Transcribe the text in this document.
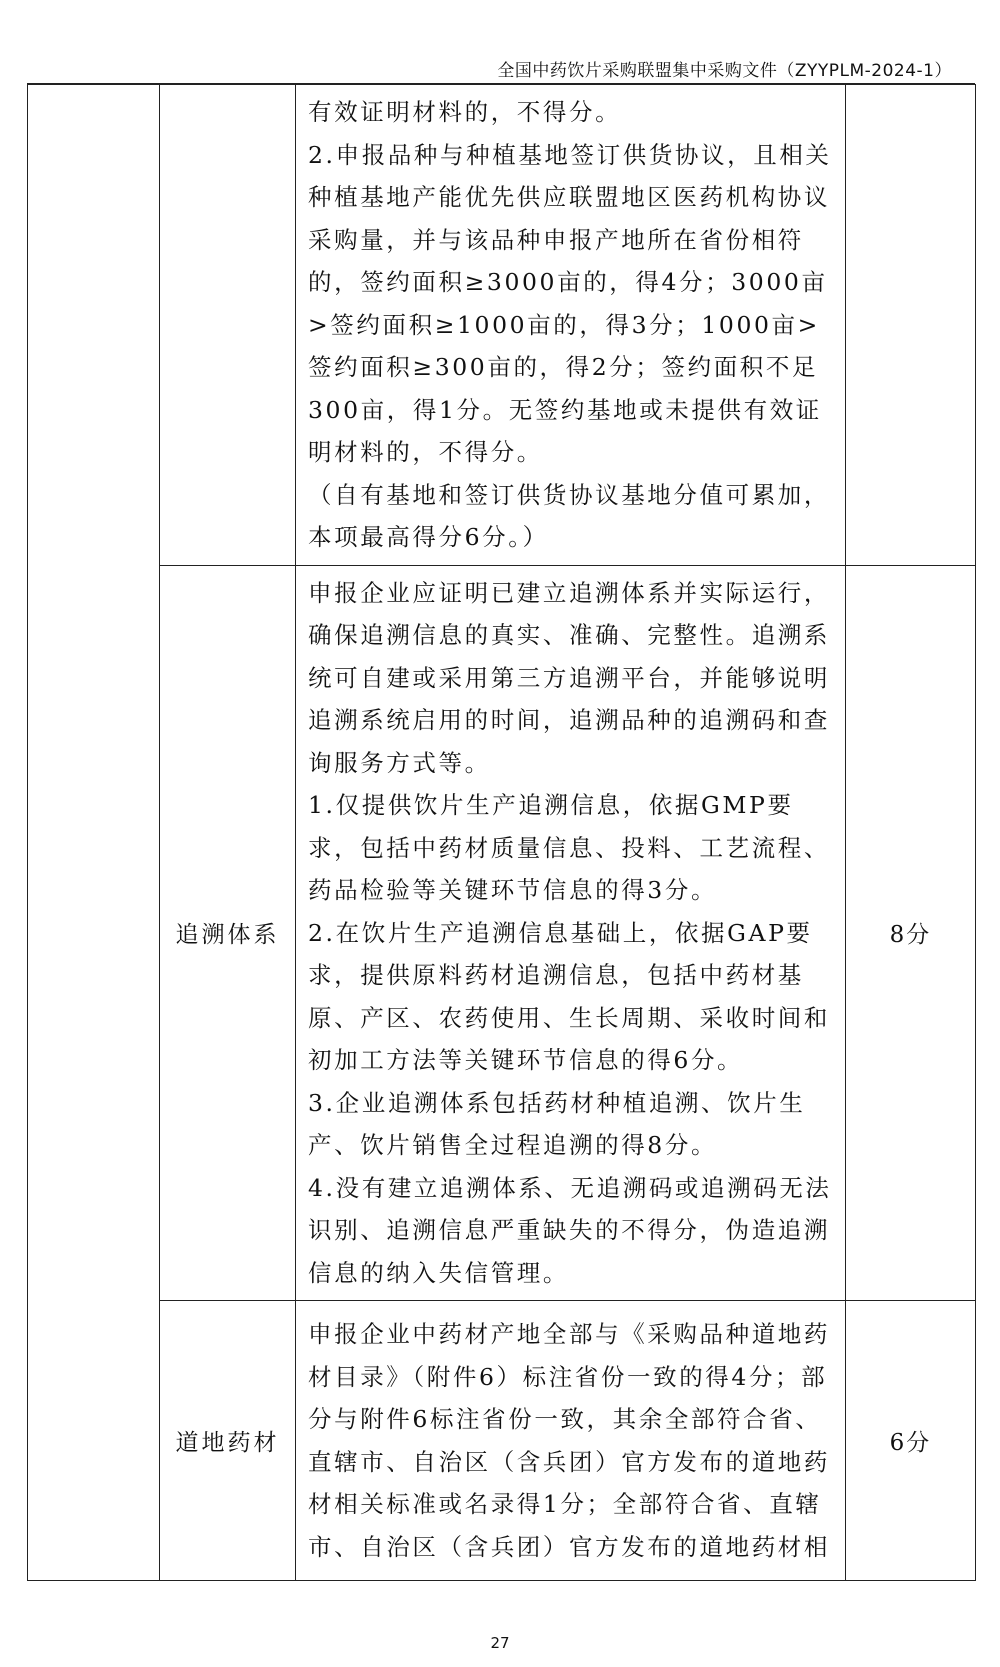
全国中药饮片采购联盟集中采购文件（ZYYPLM-2024-1）

		有效证明材料的，不得分。

2.申报品种与种植基地签订供货协议，且相关种植基地产能优先供应联盟地区医药机构协议采购量，并与该品种申报产地所在省份相符的，签约面积≥3000亩的，得4分；3000亩>签约面积≥1000亩的，得3分；1000亩>签约面积≥300亩的，得2分；签约面积不足300亩，得1分。无签约基地或未提供有效证明材料的，不得分。

（自有基地和签订供货协议基地分值可累加，本项最高得分6分。）	

	追溯体系	申报企业应证明已建立追溯体系并实际运行，确保追溯信息的真实、准确、完整性。追溯系统可自建或采用第三方追溯平台，并能够说明追溯系统启用的时间，追溯品种的追溯码和查询服务方式等。

1.仅提供饮片生产追溯信息，依据GMP要求，包括中药材质量信息、投料、工艺流程、药品检验等关键环节信息的得3分。

2.在饮片生产追溯信息基础上，依据GAP要求，提供原料药材追溯信息，包括中药材基原、产区、农药使用、生长周期、采收时间和初加工方法等关键环节信息的得6分。

3.企业追溯体系包括药材种植追溯、饮片生产、饮片销售全过程追溯的得8分。

4.没有建立追溯体系、无追溯码或追溯码无法识别、追溯信息严重缺失的不得分，伪造追溯信息的纳入失信管理。	8分
	道地药材	申报企业中药材产地全部与《采购品种道地药材目录》（附件6）标注省份一致的得4分；部分与附件6标注省份一致，其余全部符合省、直辖市、自治区（含兵团）官方发布的道地药材相关标准或名录得1分；全部符合省、直辖市、自治区（含兵团）官方发布的道地药材相	6分
27
